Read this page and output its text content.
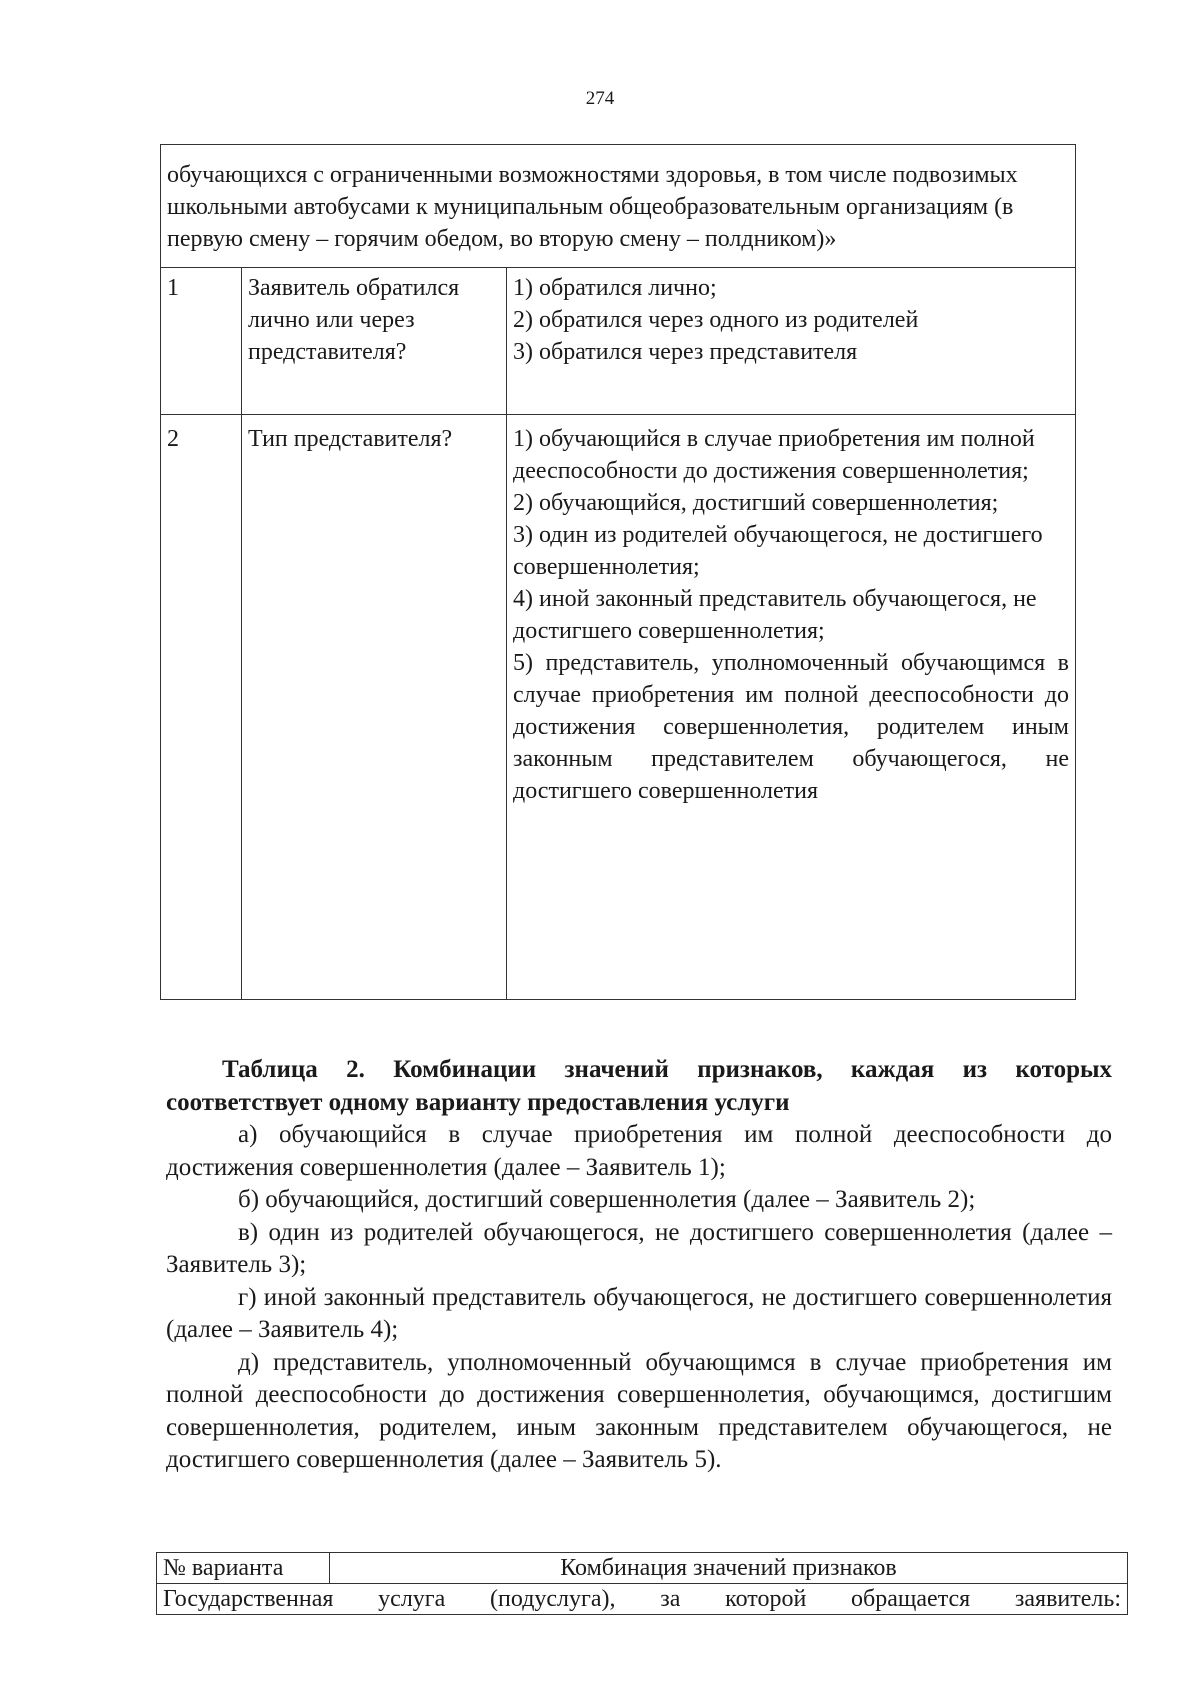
274
обучающихся с ограниченными возможностями здоровья, в том числе подвозимых школьными автобусами к муниципальным общеобразовательным организациям (в первую смену – горячим обедом, во вторую смену – полдником)»		
1	Заявитель обратился лично или через представителя?	1) обратился лично;
2) обратился через одного из родителей
3) обратился через представителя

2	Тип представителя?	1) обучающийся в случае приобретения им полной дееспособности до достижения совершеннолетия;
2) обучающийся, достигший совершеннолетия;
3) один из родителей обучающегося, не достигшего совершеннолетия;
4) иной законный представитель обучающегося, не достигшего совершеннолетия;
5) представитель, уполномоченный обучающимся в случае приобретения им полной дееспособности до достижения совершеннолетия, родителем иным законным представителем обучающегося, не достигшего совершеннолетия

Таблица 2. Комбинации значений признаков, каждая из которых соответствует одному варианту предоставления услуги

а) обучающийся в случае приобретения им полной дееспособности до достижения совершеннолетия (далее – Заявитель 1);

б) обучающийся, достигший совершеннолетия (далее – Заявитель 2);

в) один из родителей обучающегося, не достигшего совершеннолетия (далее – Заявитель 3);

г) иной законный представитель обучающегося, не достигшего совершеннолетия (далее – Заявитель 4);

д) представитель, уполномоченный обучающимся в случае приобретения им полной дееспособности до достижения совершеннолетия, обучающимся, достигшим совершеннолетия, родителем, иным законным представителем обучающегося, не достигшего совершеннолетия (далее – Заявитель 5).

№ варианта	Комбинация значений признаков
Государственная услуга (подуслуга), за которой обращается заявитель:
